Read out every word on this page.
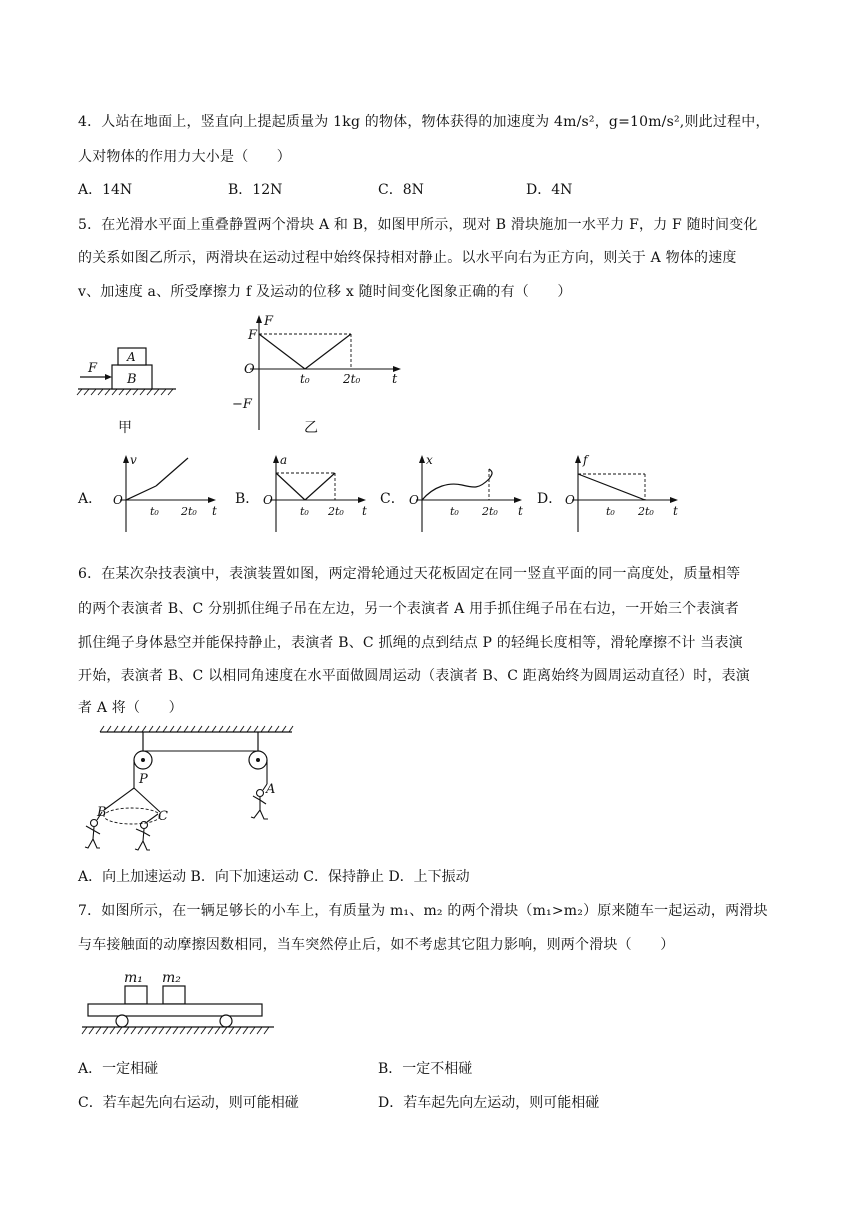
4．人站在地面上，竖直向上提起质量为 1kg 的物体，物体获得的加速度为 4m/s²，g=10m/s²,则此过程中，
人对物体的作用力大小是（　　）
A．14N	B．12N	C．8N	D．4N
5．在光滑水平面上重叠静置两个滑块 A 和 B，如图甲所示，现对 B 滑块施加一水平力 F，力 F 随时间变化
的关系如图乙所示，两滑块在运动过程中始终保持相对静止。以水平向右为正方向，则关于 A 物体的速度
v、加速度 a、所受摩擦力 f 及运动的位移 x 随时间变化图象正确的有（　　）
F
A
B
甲
F
F
O
−F
t₀	2t₀ t
乙
A．
v
O
t₀ 2t₀ t
B．
a
O
t₀ 2t₀ t
C．
x
O
t₀ 2t₀ t
D．
f
O
t₀ 2t₀ t
6．在某次杂技表演中，表演装置如图，两定滑轮通过天花板固定在同一竖直平面的同一高度处，质量相等
的两个表演者 B、C 分别抓住绳子吊在左边，另一个表演者 A 用手抓住绳子吊在右边，一开始三个表演者
抓住绳子身体悬空并能保持静止，表演者 B、C 抓绳的点到结点 P 的轻绳长度相等，滑轮摩擦不计 当表演
开始，表演者 B、C 以相同角速度在水平面做圆周运动（表演者 B、C 距离始终为圆周运动直径）时，表演
者 A 将（　　）
P
B	C
A
A．向上加速运动 B．向下加速运动 C．保持静止 D．上下振动
7．如图所示，在一辆足够长的小车上，有质量为 m₁、m₂ 的两个滑块（m₁>m₂）原来随车一起运动，两滑块
与车接触面的动摩擦因数相同，当车突然停止后，如不考虑其它阻力影响，则两个滑块（　　）
m₁ m₂
A．一定相碰	B．一定不相碰
C．若车起先向右运动，则可能相碰	D．若车起先向左运动，则可能相碰
